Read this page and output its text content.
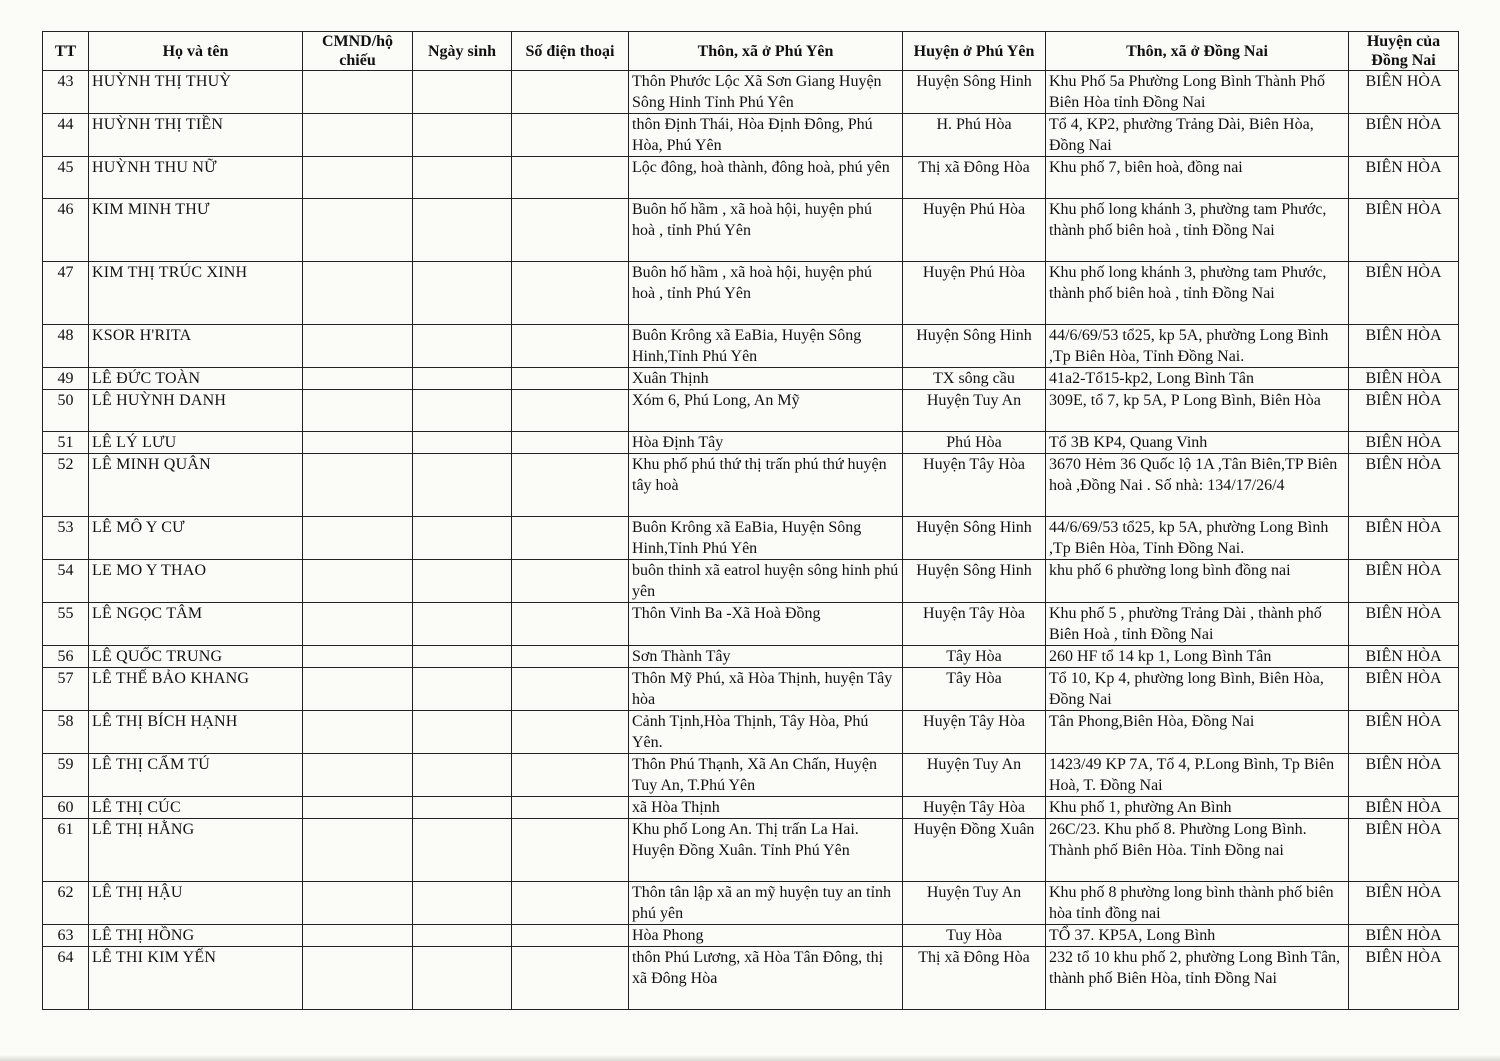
TT	Họ và tên	CMND/hộ chiếu	Ngày sinh	Số điện thoại	Thôn, xã ở Phú Yên	Huyện ở Phú Yên	Thôn, xã ở Đồng Nai	Huyện của Đồng Nai
43	HUỲNH THỊ THUỲ				Thôn Phước Lộc Xã Sơn Giang Huyện Sông Hinh Tỉnh Phú Yên	Huyện Sông Hinh	Khu Phố 5a Phường Long Bình Thành Phố Biên Hòa tỉnh Đồng Nai	BIÊN HÒA
44	HUỲNH THỊ TIỀN				thôn Định Thái, Hòa Định Đông, Phú Hòa, Phú Yên	H. Phú Hòa	Tổ 4, KP2, phường Trảng Dài, Biên Hòa, Đồng Nai	BIÊN HÒA
45	HUỲNH THU NỮ				Lộc đông, hoà thành, đông hoà, phú yên	Thị xã Đông Hòa	Khu phố 7, biên hoà, đồng nai	BIÊN HÒA
46	KIM MINH THƯ				Buôn hố hầm , xã hoà hội, huyện phú hoà , tỉnh Phú Yên	Huyện Phú Hòa	Khu phố long khánh 3, phường tam Phước, thành phố biên hoà , tỉnh Đồng Nai	BIÊN HÒA
47	KIM THỊ TRÚC XINH				Buôn hố hầm , xã hoà hội, huyện phú hoà , tỉnh Phú Yên	Huyện Phú Hòa	Khu phố long khánh 3, phường tam Phước, thành phố biên hoà , tỉnh Đồng Nai	BIÊN HÒA
48	KSOR H'RITA				Buôn Krông xã EaBia, Huyện Sông Hinh,Tỉnh Phú Yên	Huyện Sông Hinh	44/6/69/53 tổ25, kp 5A, phường Long Bình ,Tp Biên Hòa, Tỉnh Đồng Nai.	BIÊN HÒA
49	LÊ ĐỨC TOÀN				Xuân Thịnh	TX sông cầu	41a2-Tổ15-kp2, Long Bình Tân	BIÊN HÒA
50	LÊ HUỲNH DANH				Xóm 6, Phú Long, An Mỹ	Huyện Tuy An	309E, tổ 7, kp 5A, P Long Bình, Biên Hòa	BIÊN HÒA
51	LÊ LÝ LƯU				Hòa Định Tây	Phú Hòa	Tổ 3B KP4, Quang Vinh	BIÊN HÒA
52	LÊ MINH QUÂN				Khu phố phú thứ thị trấn phú thứ huyện tây hoà	Huyện Tây Hòa	3670 Hẻm 36 Quốc lộ 1A ,Tân Biên,TP Biên hoà ,Đồng Nai . Số nhà: 134/17/26/4	BIÊN HÒA
53	LÊ MÔ Y CƯ				Buôn Krông xã EaBia, Huyện Sông Hinh,Tỉnh Phú Yên	Huyện Sông Hinh	44/6/69/53 tổ25, kp 5A, phường Long Bình ,Tp Biên Hòa, Tỉnh Đồng Nai.	BIÊN HÒA
54	LE MO Y THAO				buôn thinh xã eatrol huyện sông hinh phú yên	Huyện Sông Hinh	khu phố 6 phường long bình đồng nai	BIÊN HÒA
55	LÊ NGỌC TÂM				Thôn Vinh Ba -Xã Hoà Đồng	Huyện Tây Hòa	Khu phố 5 , phường Trảng Dài , thành phố Biên Hoà , tỉnh Đồng Nai	BIÊN HÒA
56	LÊ QUỐC TRUNG				Sơn Thành Tây	Tây Hòa	260 HF tổ 14 kp 1, Long Bình Tân	BIÊN HÒA
57	LÊ THẾ BẢO KHANG				Thôn Mỹ Phú, xã Hòa Thịnh, huyện Tây hòa	Tây Hòa	Tổ 10, Kp 4, phường long Bình, Biên Hòa, Đồng Nai	BIÊN HÒA
58	LÊ THỊ BÍCH HẠNH				Cảnh Tịnh,Hòa Thịnh, Tây Hòa, Phú Yên.	Huyện Tây Hòa	Tân Phong,Biên Hòa, Đồng Nai	BIÊN HÒA
59	LÊ THỊ CẨM TÚ				Thôn Phú Thạnh, Xã An Chấn, Huyện Tuy An, T.Phú Yên	Huyện Tuy An	1423/49 KP 7A, Tổ 4, P.Long Bình, Tp Biên Hoà, T. Đồng Nai	BIÊN HÒA
60	LÊ THỊ CÚC				xã Hòa Thịnh	Huyện Tây Hòa	Khu phố 1, phường An Bình	BIÊN HÒA
61	LÊ THỊ HẰNG				Khu phố Long An. Thị trấn La Hai. Huyện Đồng Xuân. Tỉnh Phú Yên	Huyện Đồng Xuân	26C/23. Khu phố 8. Phường Long Bình. Thành phố Biên Hòa. Tỉnh Đồng nai	BIÊN HÒA
62	LÊ THỊ HẬU				Thôn tân lập xã an mỹ huyện tuy an tỉnh phú yên	Huyện Tuy An	Khu phố 8 phường long bình thành phố biên hòa tỉnh đồng nai	BIÊN HÒA
63	LÊ THỊ HỒNG				Hòa Phong	Tuy Hòa	TỔ 37. KP5A, Long Bình	BIÊN HÒA
64	LÊ THI KIM YẾN				thôn Phú Lương, xã Hòa Tân Đông, thị xã Đông Hòa	Thị xã Đông Hòa	232 tổ 10 khu phố 2, phường Long Bình Tân, thành phố Biên Hòa, tỉnh Đồng Nai	BIÊN HÒA
